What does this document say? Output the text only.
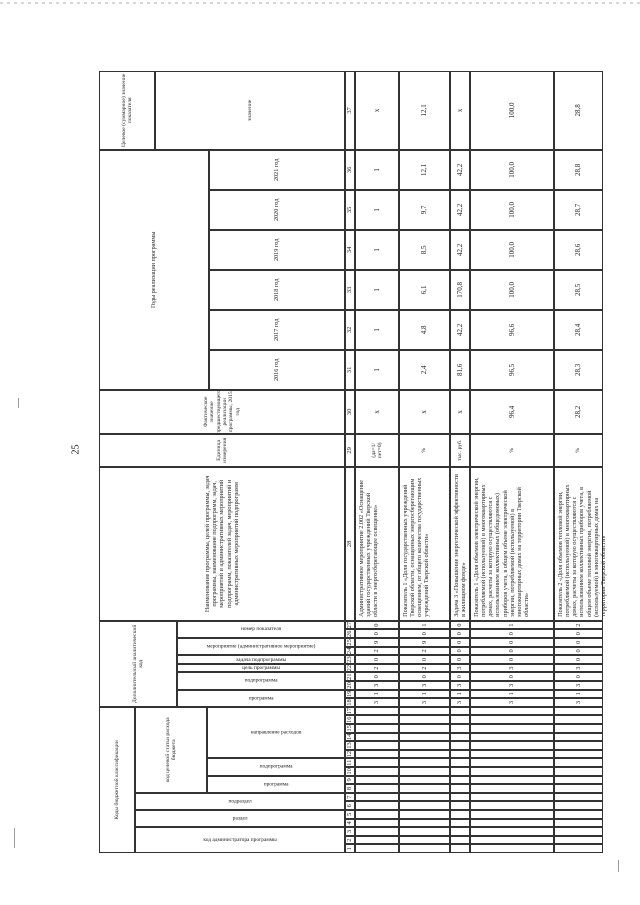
25
Коды бюджетной классификации
Дополнительный аналитический код
код администратора программы
раздел
подраздел
код целевой статьи расхода бюджета
программа
подпрограмма
направление расходов
программа
подпрограмма
цель программы
задача подпрограммы
мероприятие (административное мероприятие)
номер показателя
Наименование программы, целей программы, задач программы, наименование подпрограмм, задач, мероприятий и административных мероприятий подпрограмм, показателей задач, мероприятий и административных мероприятий подпрограмм
Единица измерения
Фактическое значение предшествующего реализации программы, 2015 год
Годы реализации программы
2016 год
2017 год
2018 год
2019 год
2020 год
2021 год
Целевое (суммарное) значение показателя	значение
1
2
3
4
5
6
7
8
9
10
11
12
13
14
15
16
17
18
19
20
21
22
23
24
25
26
27
28
29
30
31
32
33
34
35
36
37
3
1
3
0
2
0
2
9
0
0
Административное мероприятие 2.002 «Оснащение зданий государственных учреждений Тверской области в энергосберегающее освещение»
(да=1/нет=0)
х
1
1
1
1
1
1
х
3
1
3
0
2
0
2
9
0
1
Показатель 1 «Доля государственных учреждений Тверской области, оснащенных энергосберегающим освещением, от общего количества государственных учреждений Тверской области»
%
х
2,4
4,8
6,1
8,5
9,7
12,1
12,1
3
1
3
0
3
0
0
0
0
0
Задача 3 «Повышение энергетической эффективности в жилищном фонде»
тыс. руб.
х
81,6
42,2
170,8
42,2
42,2
42,2
х
3
1
3
0
3
0
0
0
0
1
Показатель 1 «Доля объемов электрической энергии, потребляемой (используемой) в многоквартирных домах, расчеты за которую осуществляются с использованием коллективных (общедомовых) приборов учета, в общем объеме электрической энергии, потребляемой (используемой) в многоквартирных домах на территории Тверской области»
%
96,4
96,5
96,6
100,0
100,0
100,0
100,0
100,0
3
1
3
0
3
0
0
0
0
2
Показатель 2 «Доля объемов тепловой энергии, потребляемой (используемой) в многоквартирных домах, расчеты за которую осуществляются с использованием коллективных приборов учета, в общем объеме тепловой энергии, потребляемой (используемой) в многоквартирных домах на территории Тверской области»
%
28,2
28,3
28,4
28,5
28,6
28,7
28,8
28,8
